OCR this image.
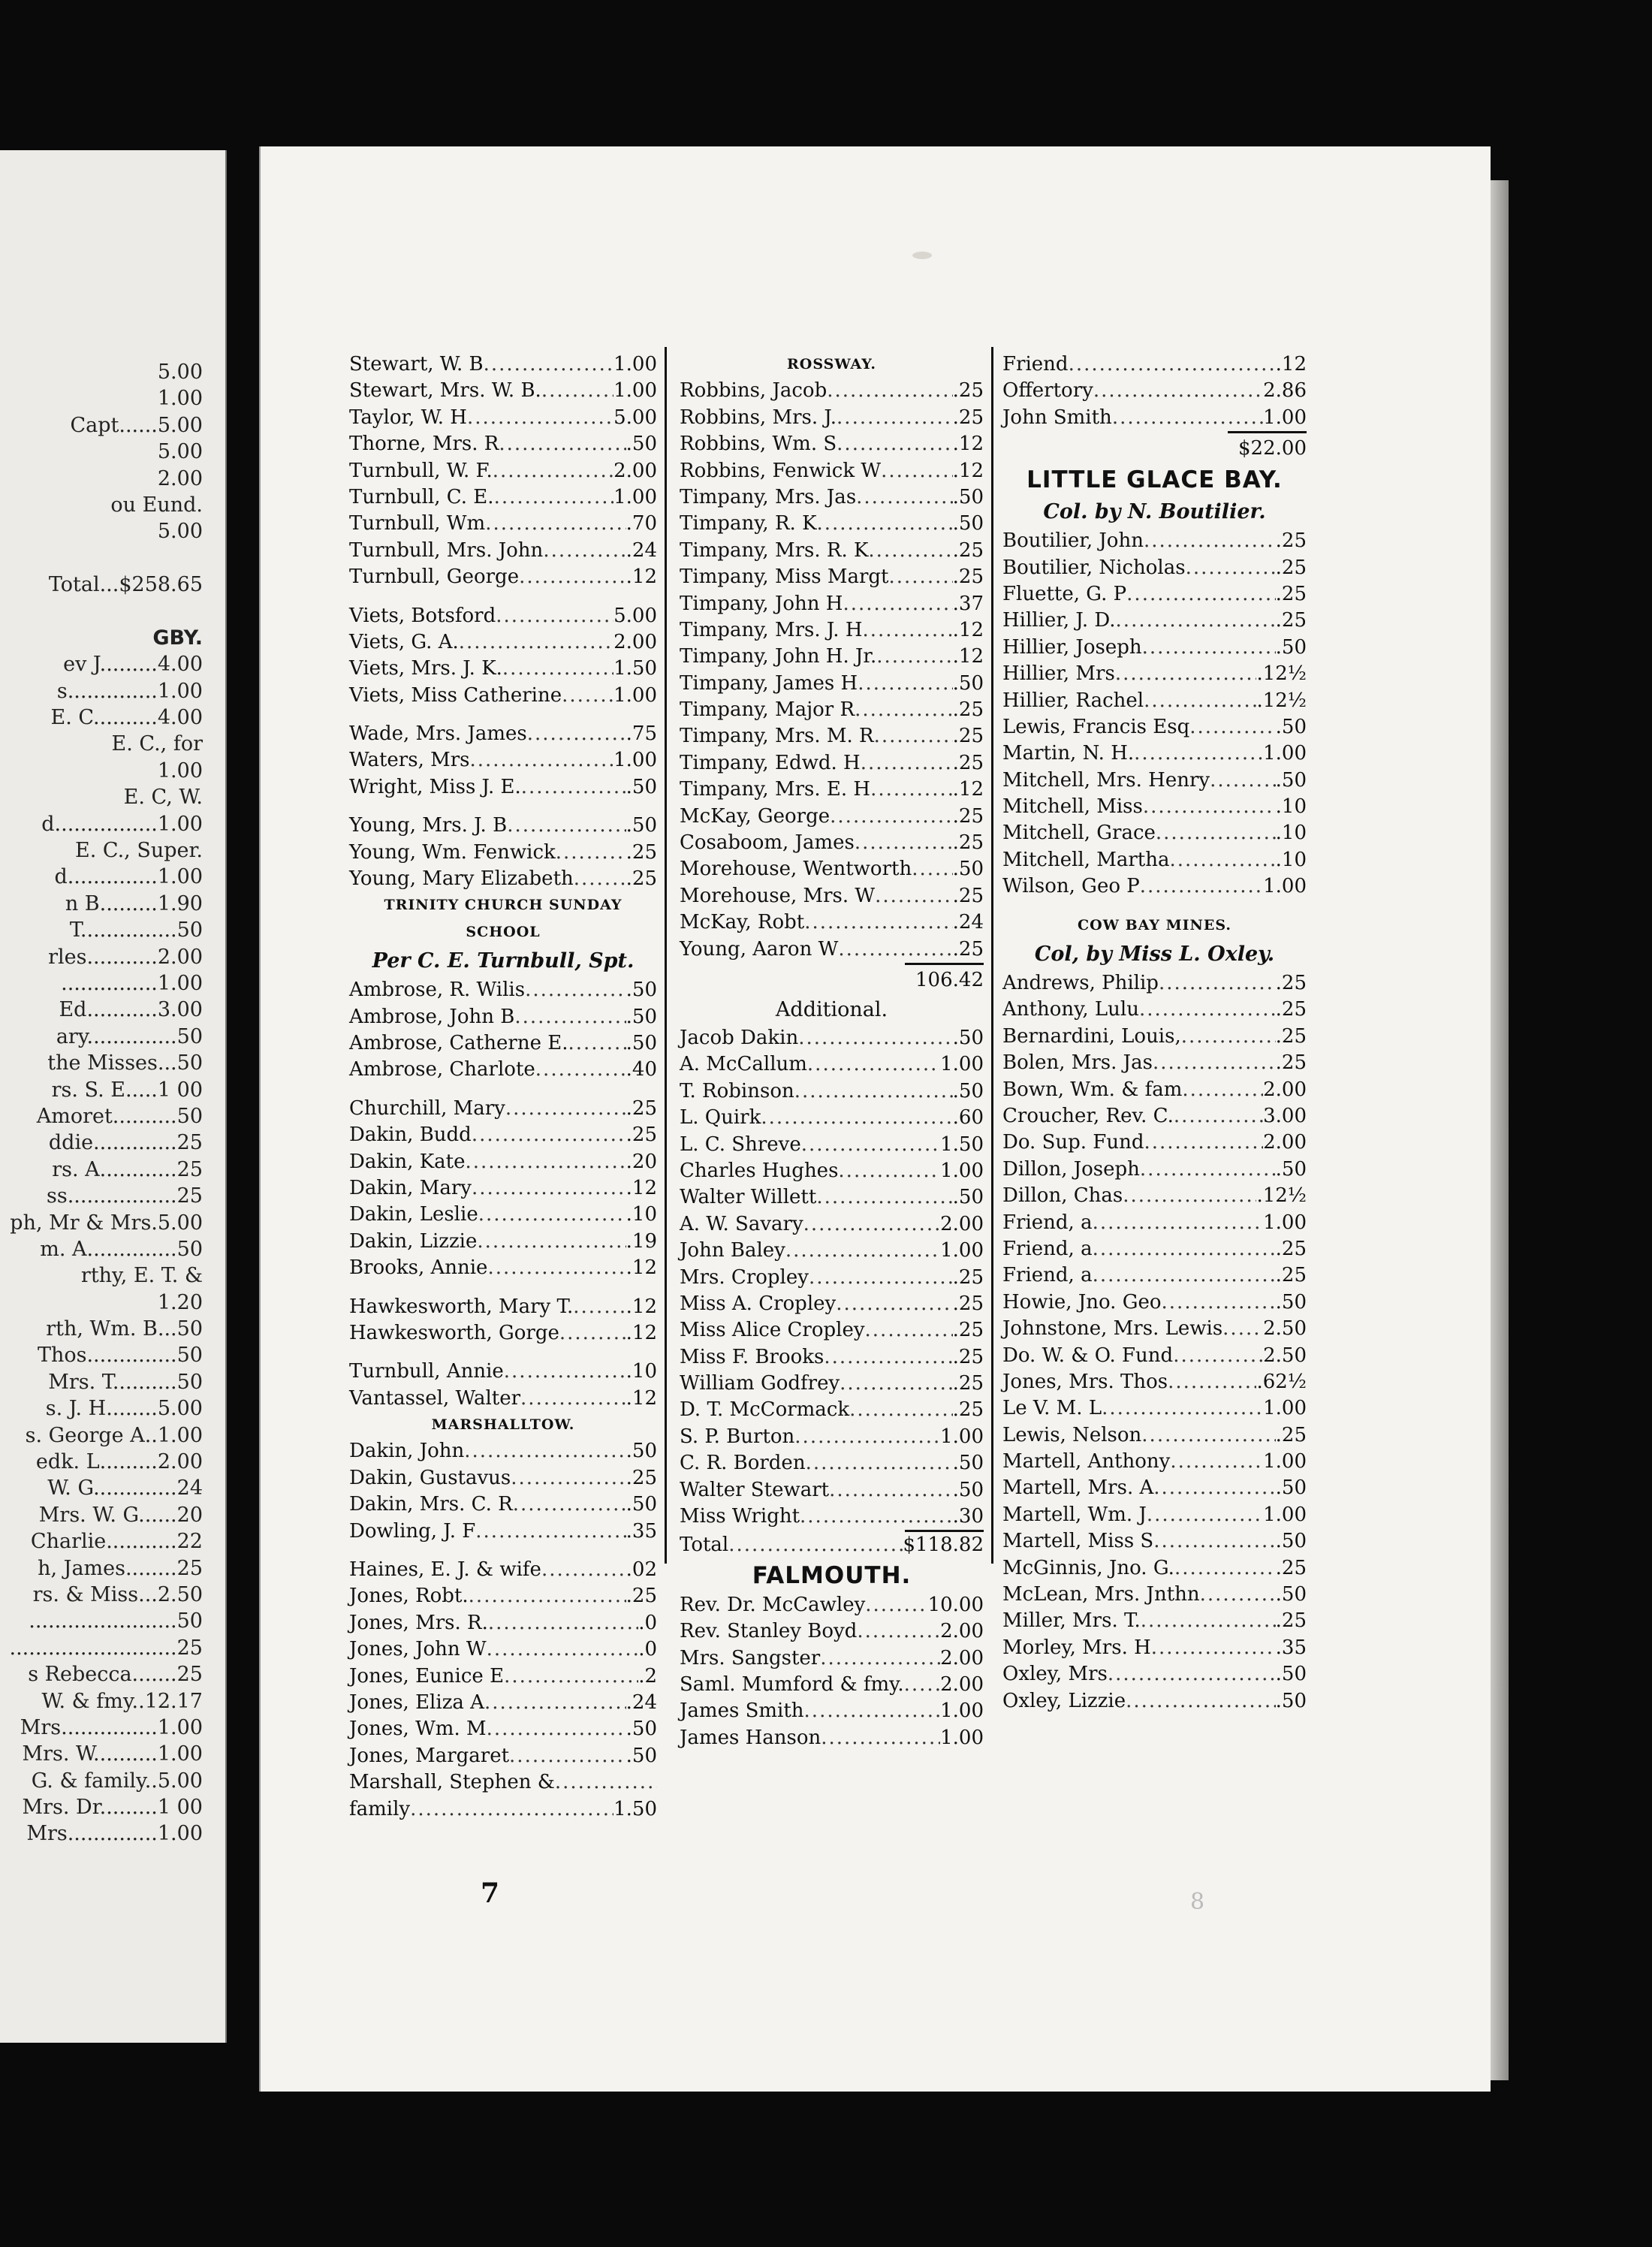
5.00
1.00
Capt......5.00
5.00
2.00
ou Eund.
5.00
Total...$258.65
GBY.
ev J.........4.00
s..............1.00
E. C..........4.00
E. C., for
1.00
E. C, W.
d................1.00
E. C., Super.
d..............1.00
n B.........1.90
T...............50
rles...........2.00
...............1.00
Ed...........3.00
ary..............50
the Misses...50
rs. S. E.....1 00
Amoret..........50
ddie.............25
rs. A............25
ss.................25
ph, Mr & Mrs.5.00
m. A..............50
rthy, E. T. &
1.20
rth, Wm. B...50
Thos..............50
Mrs. T..........50
s. J. H........5.00
s. George A..1.00
edk. L.........2.00
W. G.............24
Mrs. W. G......20
Charlie...........22
h, James........25
rs. & Miss...2.50
.......................50
..........................25
s Rebecca.......25
W. & fmy..12.17
Mrs...............1.00
Mrs. W..........1.00
G. & family..5.00
Mrs. Dr.........1 00
Mrs..............1.00
Stewart, W. B .....	1.00
Stewart, Mrs. W. B. .....	1.00
Taylor, W. H .....	5.00
Thorne, Mrs. R .....	.50
Turnbull, W. F. .....	2.00
Turnbull, C. E. .....	1.00
Turnbull, Wm .....	.70
Turnbull, Mrs. John .....	.24
Turnbull, George .....	.12
Viets, Botsford .....	5.00
Viets, G. A. .....	2.00
Viets, Mrs. J. K. .....	1.50
Viets, Miss Catherine .....	1.00
Wade, Mrs. James .....	.75
Waters, Mrs .....	1.00
Wright, Miss J. E. .....	.50
Young, Mrs. J. B .....	.50
Young, Wm. Fenwick .....	.25
Young, Mary Elizabeth .....	.25
TRINITY CHURCH SUNDAY
SCHOOL
Per C. E. Turnbull, Spt.
Ambrose, R. Wilis .....	.50
Ambrose, John B .....	.50
Ambrose, Catherne E. .....	.50
Ambrose, Charlote .....	.40
Churchill, Mary .....	.25
Dakin, Budd .....	.25
Dakin, Kate .....	.20
Dakin, Mary .....	.12
Dakin, Leslie .....	.10
Dakin, Lizzie .....	.19
Brooks, Annie .....	.12
Hawkesworth, Mary T. .....	.12
Hawkesworth, Gorge .....	.12
Turnbull, Annie .....	.10
Vantassel, Walter .....	.12
MARSHALLTOW.
Dakin, John .....	.50
Dakin, Gustavus .....	.25
Dakin, Mrs. C. R .....	.50
Dowling, J. F .....	.35
Haines, E. J. & wife .....	.02
Jones, Robt. .....	.25
Jones, Mrs. R. .....	.0
Jones, John W .....	.0
Jones, Eunice E .....	.2
Jones, Eliza A .....	.24
Jones, Wm. M .....	.50
Jones, Margaret .....	.50
Marshall, Stephen &
.....
family .....	1.50
ROSSWAY.
Robbins, Jacob .....	.25
Robbins, Mrs. J. .....	.25
Robbins, Wm. S .....	.12
Robbins, Fenwick W .....	.12
Timpany, Mrs. Jas .....	.50
Timpany, R. K .....	.50
Timpany, Mrs. R. K .....	.25
Timpany, Miss Margt .....	.25
Timpany, John H .....	.37
Timpany, Mrs. J. H .....	.12
Timpany, John H. Jr. .....	.12
Timpany, James H .....	.50
Timpany, Major R .....	.25
Timpany, Mrs. M. R .....	.25
Timpany, Edwd. H .....	.25
Timpany, Mrs. E. H .....	.12
McKay, George .....	.25
Cosaboom, James .....	.25
Morehouse, Wentworth ..... .50
Morehouse, Mrs. W .....	.25
McKay, Robt .....	.24
Young, Aaron W .....	.25
106.42
Additional.
Jacob Dakin .....	.50
A. McCallum .....	1.00
T. Robinson .....	.50
L. Quirk .....	.60
L. C. Shreve .....	1.50
Charles Hughes .....	1.00
Walter Willett .....	.50
A. W. Savary .....	2.00
John Baley .....	1.00
Mrs. Cropley .....	.25
Miss A. Cropley .....	.25
Miss Alice Cropley .....	.25
Miss F. Brooks .....	.25
William Godfrey .....	.25
D. T. McCormack .....	.25
S. P. Burton .....	1.00
C. R. Borden .....	.50
Walter Stewart .....	.50
Miss Wright .....	.30
Total .....	$118.82
FALMOUTH.
Rev. Dr. McCawley .....	10.00
Rev. Stanley Boyd .....	2.00
Mrs. Sangster .....	2.00
Saml. Mumford & fmy. ..... 2.00
James Smith .....	1.00
James Hanson .....	1.00
Friend .....	.12
Offertory .....	2.86
John Smith .....	1.00
$22.00
LITTLE GLACE BAY.
Col. by N. Boutilier.
Boutilier, John .....	.25
Boutilier, Nicholas .....	.25
Fluette, G. P .....	.25
Hillier, J. D. .....	.25
Hillier, Joseph .....	.50
Hillier, Mrs .....	.12½
Hillier, Rachel .....	.12½
Lewis, Francis Esq .....	.50
Martin, N. H. .....	1.00
Mitchell, Mrs. Henry .....	.50
Mitchell, Miss .....	.10
Mitchell, Grace .....	.10
Mitchell, Martha .....	.10
Wilson, Geo P .....	1.00
COW BAY MINES.
Col, by Miss L. Oxley.
Andrews, Philip .....	.25
Anthony, Lulu .....	.25
Bernardini, Louis, .....	.25
Bolen, Mrs. Jas .....	.25
Bown, Wm. & fam .....	2.00
Croucher, Rev. C. .....	3.00
Do. Sup. Fund .....	2.00
Dillon, Joseph .....	.50
Dillon, Chas .....	.12½
Friend, a .....	1.00
Friend, a .....	.25
Friend, a .....	.25
Howie, Jno. Geo .....	.50
Johnstone, Mrs. Lewis ..... 2.50
Do. W. & O. Fund .....	2.50
Jones, Mrs. Thos .....	.62½
Le V. M. L .....	1.00
Lewis, Nelson .....	.25
Martell, Anthony .....	1.00
Martell, Mrs. A .....	.50
Martell, Wm. J .....	1.00
Martell, Miss S .....	.50
McGinnis, Jno. G. .....	.25
McLean, Mrs. Jnthn .....	.50
Miller, Mrs. T. .....	.25
Morley, Mrs. H .....	.35
Oxley, Mrs .....	.50
Oxley, Lizzie .....	.50
7	8
